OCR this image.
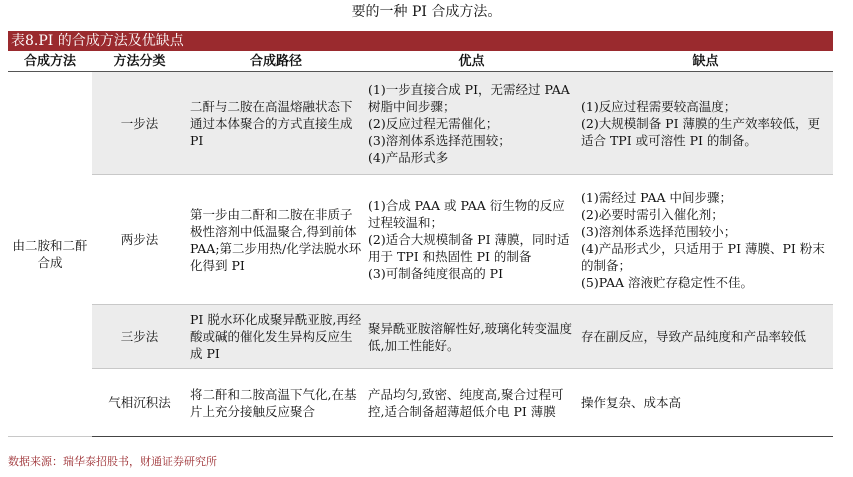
要的一种 PI 合成方法。
表8.PI 的合成方法及优缺点
合成方法	方法分类	合成路径	优点	缺点
由二胺和二酐合成	一步法	二酐与二胺在高温熔融状态下通过本体聚合的方式直接生成 PI	(1)一步直接合成 PI，无需经过 PAA 树脂中间步骤；
(2)反应过程无需催化；
(3)溶剂体系选择范围较；
(4)产品形式多	(1)反应过程需要较高温度；
(2)大规模制备 PI 薄膜的生产效率较低，更适合 TPI 或可溶性 PI 的制备。

	两步法	第一步由二酐和二胺在非质子极性溶剂中低温聚合,得到前体 PAA;第二步用热/化学法脱水环化得到 PI	(1)合成 PAA 或 PAA 衍生物的反应过程较温和；
(2)适合大规模制备 PI 薄膜，同时适用于 TPI 和热固性 PI 的制备
(3)可制备纯度很高的 PI	(1)需经过 PAA 中间步骤；
(2)必要时需引入催化剂；
(3)溶剂体系选择范围较小；
(4)产品形式少，只适用于 PI 薄膜、PI 粉末的制备；
(5)PAA 溶液贮存稳定性不佳。

	三步法	PI 脱水环化成聚异酰亚胺,再经酸或碱的催化发生异构反应生成 PI	聚异酰亚胺溶解性好,玻璃化转变温度低,加工性能好。	存在副反应，导致产品纯度和产品率较低

	气相沉积法	将二酐和二胺高温下气化,在基片上充分接触反应聚合	产品均匀,致密、纯度高,聚合过程可控,适合制备超薄超低介电 PI 薄膜	操作复杂、成本高
数据来源：瑞华泰招股书，财通证券研究所
